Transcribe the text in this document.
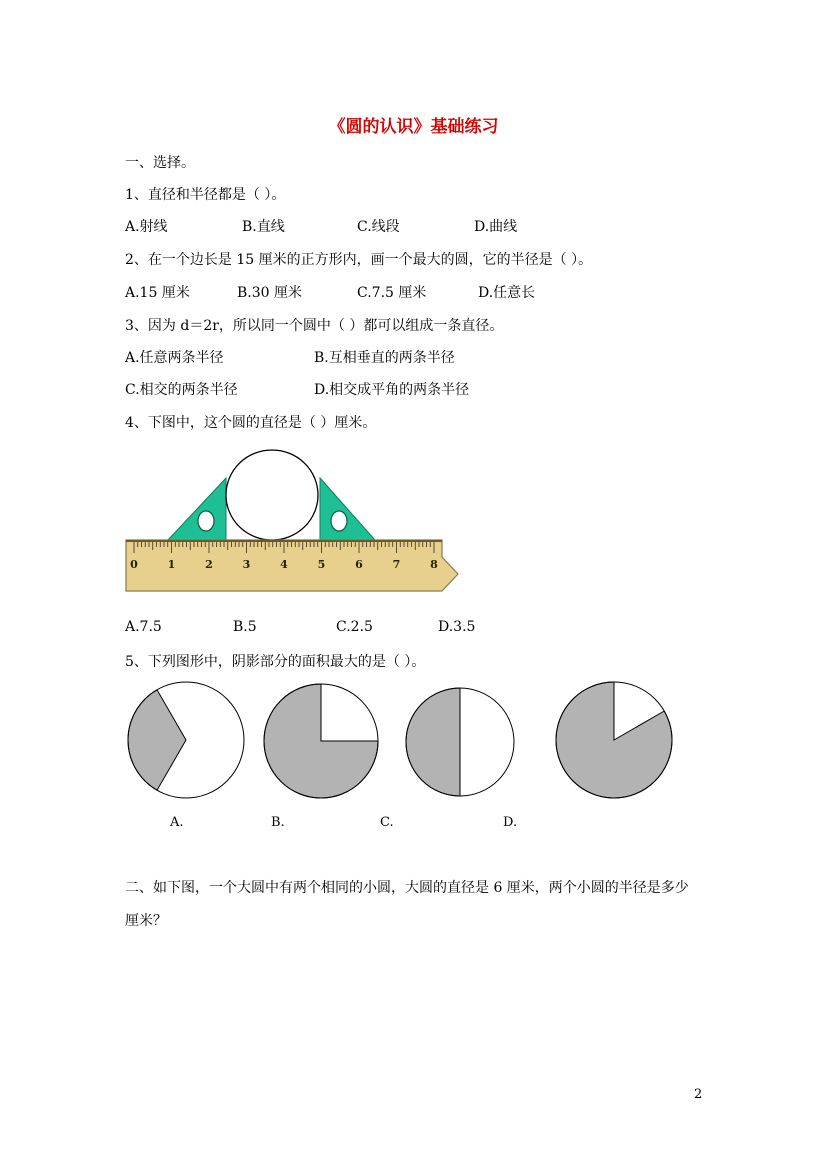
《圆的认识》基础练习
一、选择。
1、直径和半径都是（ ）。
A.射线	B.直线	C.线段	D.曲线
2、在一个边长是 15 厘米的正方形内，画一个最大的圆，它的半径是（ ）。
A.15 厘米	B.30 厘米	C.7.5 厘米	D.任意长
3、因为 d＝2r，所以同一个圆中（ ）都可以组成一条直径。
A.任意两条半径	B.互相垂直的两条半径
C.相交的两条半径	D.相交成平角的两条半径
4、下图中，这个圆的直径是（ ）厘米。
0	1	2	3	4	5	6	7	8
A.7.5	B.5	C.2.5	D.3.5
5、下列图形中，阴影部分的面积最大的是（ ）。
A.	B.	C.	D.
二、如下图，一个大圆中有两个相同的小圆，大圆的直径是 6 厘米，两个小圆的半径是多少
厘米？
2
